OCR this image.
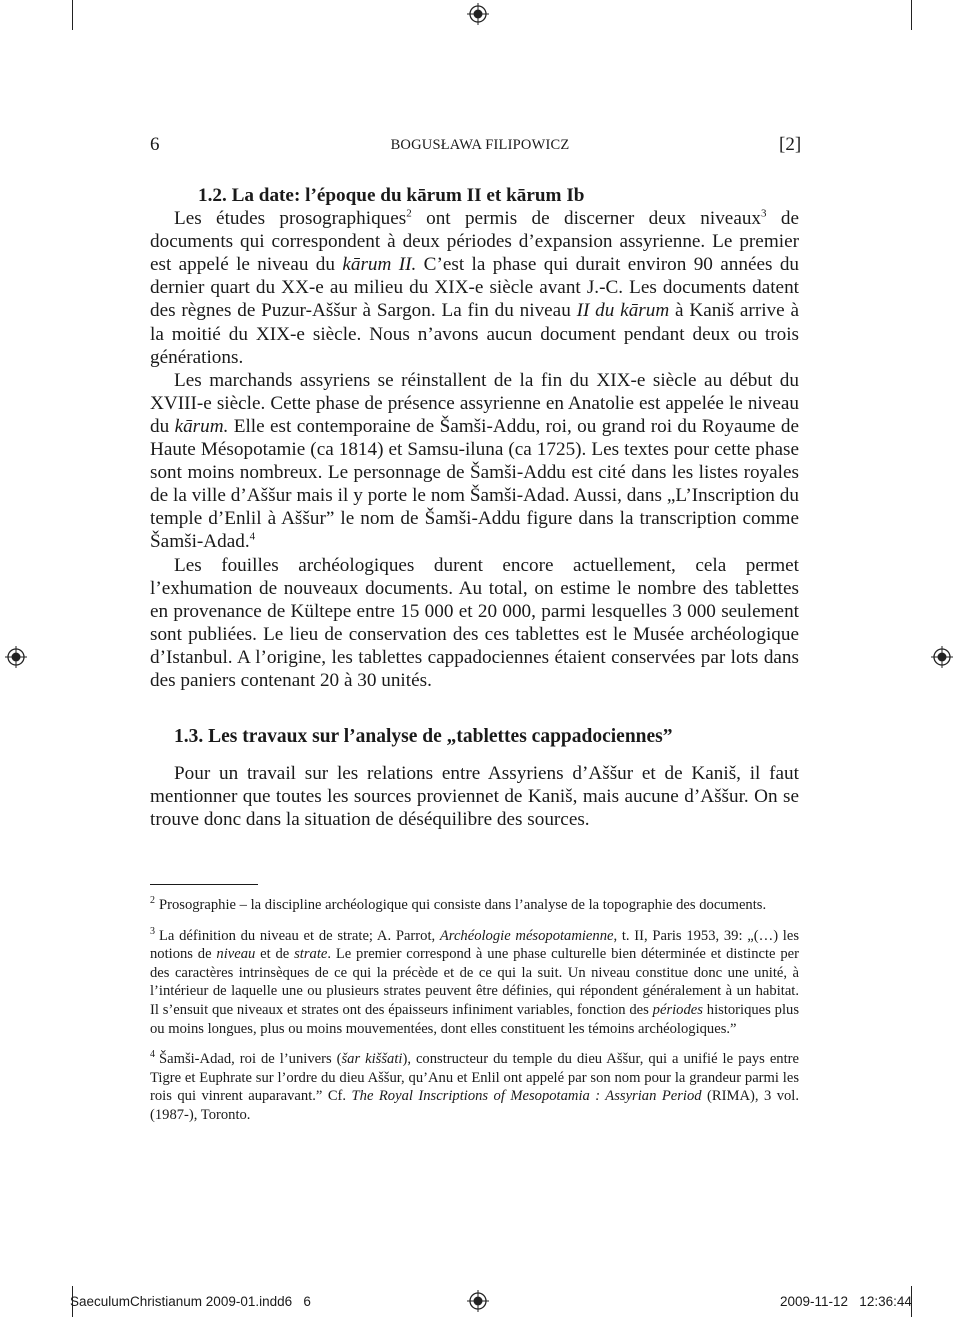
6	BOGUSŁAWA FILIPOWICZ	[2]

1.2. La date: l’époque du kārum II et kārum Ib

Les études prosographiques$^2$ ont permis de discerner deux niveaux$^3$ de documents qui correspondent à deux périodes d’expansion assyrienne. Le premier est appelé le niveau du kārum II. C’est la phase qui durait environ 90 années du dernier quart du XX-e au milieu du XIX-e siècle avant J.-C. Les documents datent des règnes de Puzur-Aššur à Sargon. La fin du niveau II du kārum à Kaniš arrive à la moitié du XIX-e siècle. Nous n’avons aucun document pendant deux ou trois générations.

Les marchands assyriens se réinstallent de la fin du XIX-e siècle au début du XVIII-e siècle. Cette phase de présence assyrienne en Anatolie est appelée le niveau du kārum. Elle est contemporaine de Šamši-Addu, roi, ou grand roi du Royaume de Haute Mésopotamie (ca 1814) et Samsu-iluna (ca 1725). Les textes pour cette phase sont moins nombreux. Le personnage de Šamši-Addu est cité dans les listes royales de la ville d’Aššur mais il y porte le nom Šamši-Adad. Aussi, dans „L’Inscription du temple d’Enlil à Aššur” le nom de Šamši-Addu figure dans la transcription comme Šamši-Adad.$^4$

Les fouilles archéologiques durent encore actuellement, cela permet l’exhumation de nouveaux documents. Au total, on estime le nombre des tablettes en provenance de Kültepe entre 15 000 et 20 000, parmi lesquelles 3 000 seulement sont publiées. Le lieu de conservation des ces tablettes est le Musée archéologique d’Istanbul. A l’origine, les tablettes cappadociennes étaient conservées par lots dans des paniers contenant 20 à 30 unités.

1.3. Les travaux sur l’analyse de „tablettes cappadociennes”

Pour un travail sur les relations entre Assyriens d’Aššur et de Kaniš, il faut mentionner que toutes les sources proviennet de Kaniš, mais aucune d’Aššur. On se trouve donc dans la situation de déséquilibre des sources.

$^2$ Prosographie – la discipline archéologique qui consiste dans l’analyse de la topographie des documents.

$^3$ La définition du niveau et de strate; A. Parrot, Archéologie mésopotamienne, t. II, Paris 1953, 39: „(…) les notions de niveau et de strate. Le premier correspond à une phase culturelle bien déterminée et distincte per des caractères intrinsèques de ce qui la précède et de ce qui la suit. Un niveau constitue donc une unité, à l’intérieur de laquelle une ou plusieurs strates peuvent être définies, qui répondent généralement à un habitat. Il s’ensuit que niveaux et strates ont des épaisseurs infiniment variables, fonction des périodes historiques plus ou moins longues, plus ou moins mouvementées, dont elles constituent les témoins archéologiques.”

$^4$ Šamši-Adad, roi de l’univers (šar kiššati), constructeur du temple du dieu Aššur, qui a unifié le pays entre Tigre et Euphrate sur l’ordre du dieu Aššur, qu’Anu et Enlil ont appelé par son nom pour la grandeur parmi les rois qui vinrent auparavant.” Cf. The Royal Inscriptions of Mesopotamia : Assyrian Period (RIMA), 3 vol. (1987-), Toronto.

SaeculumChristianum 2009-01.indd6   6	2009-11-12   12:36:44
